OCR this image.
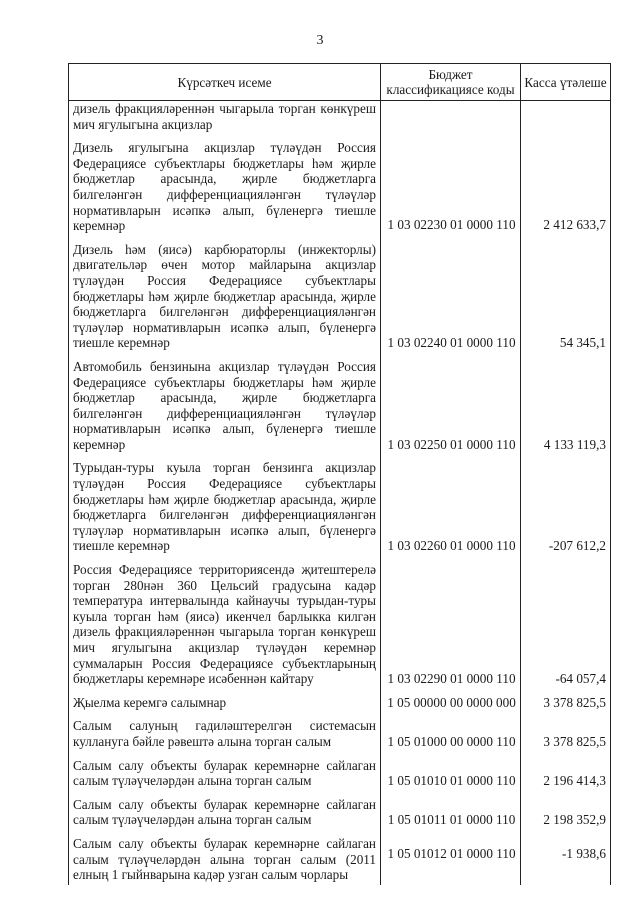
3
Күрсәткеч исеме	Бюджет классификациясе коды	Касса үтәлеше
дизель фракцияләреннән чыгарыла торган көнкүреш мич ягулыгына акцизлар		
Дизель ягулыгына акцизлар түләүдән Россия Федерациясе субъектлары бюджетлары һәм җирле бюджетлар арасында, җирле бюджетларга билгеләнгән дифференциацияләнгән түләүләр нормативларын исәпкә алып, бүленергә тиешле керемнәр	1 03 02230 01 0000 110	2 412 633,7
Дизель һәм (яисә) карбюраторлы (инжекторлы) двигательләр өчен мотор майларына акцизлар түләүдән Россия Федерациясе субъектлары бюджетлары һәм җирле бюджетлар арасында, җирле бюджетларга билгеләнгән дифференциацияләнгән түләүләр нормативларын исәпкә алып, бүленергә тиешле керемнәр	1 03 02240 01 0000 110	54 345,1
Автомобиль бензинына акцизлар түләүдән Россия Федерациясе субъектлары бюджетлары һәм җирле бюджетлар арасында, җирле бюджетларга билгеләнгән дифференциацияләнгән түләүләр нормативларын исәпкә алып, бүленергә тиешле керемнәр	1 03 02250 01 0000 110	4 133 119,3
Турыдан-туры куыла торган бензинга акцизлар түләүдән Россия Федерациясе субъектлары бюджетлары һәм җирле бюджетлар арасында, җирле бюджетларга билгеләнгән дифференциацияләнгән түләүләр нормативларын исәпкә алып, бүленергә тиешле керемнәр	1 03 02260 01 0000 110	-207 612,2
Россия Федерациясе территориясендә җитештерелә торган 280нән 360 Цельсий градусына кадәр температура интервалында кайнаучы турыдан-туры куыла торган һәм (яисә) икенчел барлыкка килгән дизель фракцияләреннән чыгарыла торган көнкүреш мич ягулыгына акцизлар түләүдән керемнәр суммаларын Россия Федерациясе субъектларының бюджетлары керемнәре исәбеннән кайтару	1 03 02290 01 0000 110	-64 057,4
Җыелма керемгә салымнар	1 05 00000 00 0000 000	3 378 825,5
Салым салуның гадиләштерелгән системасын куллануга бәйле рәвештә алына торган салым	1 05 01000 00 0000 110	3 378 825,5
Салым салу объекты буларак керемнәрне сайлаган салым түләүчеләрдән алына торган салым	1 05 01010 01 0000 110	2 196 414,3
Салым салу объекты буларак керемнәрне сайлаган салым түләүчеләрдән алына торган салым	1 05 01011 01 0000 110	2 198 352,9
Салым салу объекты буларак керемнәрне сайлаган салым түләүчеләрдән алына торган салым (2011 елның 1 гыйнварына кадәр узган салым чорлары	1 05 01012 01 0000 110	-1 938,6
